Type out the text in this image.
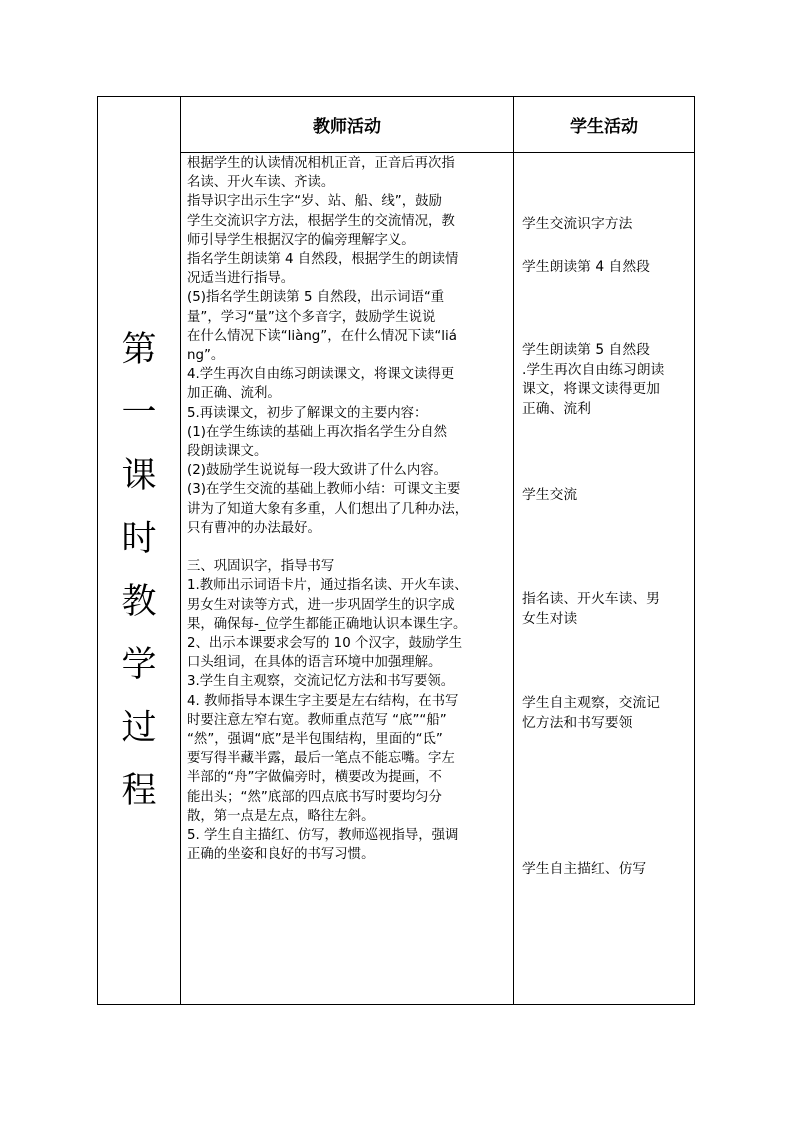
第一课时教学过程
教师活动	学生活动

根据学生的认读情况相机正音，正音后再次指

名读、开火车读、齐读。

指导识字出示生字“岁、站、船、线”，鼓励

学生交流识字方法，根据学生的交流情况，教

师引导学生根据汉字的偏旁理解字义。

指名学生朗读第 4 自然段，根据学生的朗读情

况适当进行指导。

(5)指名学生朗读第 5 自然段，出示词语“重

量”，学习“量”这个多音字，鼓励学生说说

在什么情况下读“liàng”，在什么情况下读“liá

ng”。

4.学生再次自由练习朗读课文，将课文读得更

加正确、流利。

5.再读课文，初步了解课文的主要内容：

(1)在学生练读的基础上再次指名学生分自然

段朗读课文。

(2)鼓励学生说说每一段大致讲了什么内容。

(3)在学生交流的基础上教师小结：可课文主要

讲为了知道大象有多重，人们想出了几种办法，

只有曹冲的办法最好。

三、巩固识字，指导书写

1.教师出示词语卡片，通过指名读、开火车读、

男女生对读等方式，进一步巩固学生的识字成

果，确保每-_位学生都能正确地认识本课生字。

2、出示本课要求会写的 10 个汉字，鼓励学生

口头组词，在具体的语言环境中加强理解。

3.学生自主观察，交流记忆方法和书写要领。

4. 教师指导本课生字主要是左右结构，在书写

时要注意左窄右宽。教师重点范写 “底”“船”

“然”，强调“底”是半包围结构，里面的“氐”

要写得半藏半露，最后一笔点不能忘嘴。字左

半部的“舟”字做偏旁时，横要改为提画，不

能出头；“然”底部的四点底书写时要均匀分

散，第一点是左点，略往左斜。

5. 学生自主描红、仿写，教师巡视指导，强调

正确的坐姿和良好的书写习惯。

学生交流识字方法

学生朗读第 4 自然段

学生朗读第 5 自然段

.学生再次自由练习朗读

课文，将课文读得更加

正确、流利

学生交流

指名读、开火车读、男

女生对读

学生自主观察，交流记

忆方法和书写要领

学生自主描红、仿写
